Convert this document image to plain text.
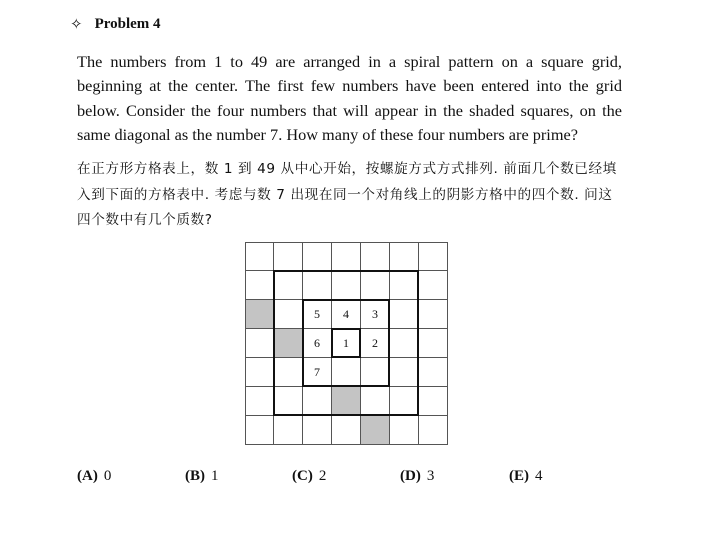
✧ Problem 4

The numbers from 1 to 49 are arranged in a spiral pattern on a square grid, beginning at the center. The first few numbers have been entered into the grid below. Consider the four numbers that will appear in the shaded squares, on the same diagonal as the number 7. How many of these four numbers are prime?

在正方形方格表上，数 1 到 49 从中心开始，按螺旋方式方式排列. 前面几个数已经填入到下面的方格表中. 考虑与数 7 出现在同一个对角线上的阴影方格中的四个数. 问这四个数中有几个质数?

5	4	3
6	1	2
7
(A) 0	(B) 1	(C) 2	(D) 3	(E) 4
